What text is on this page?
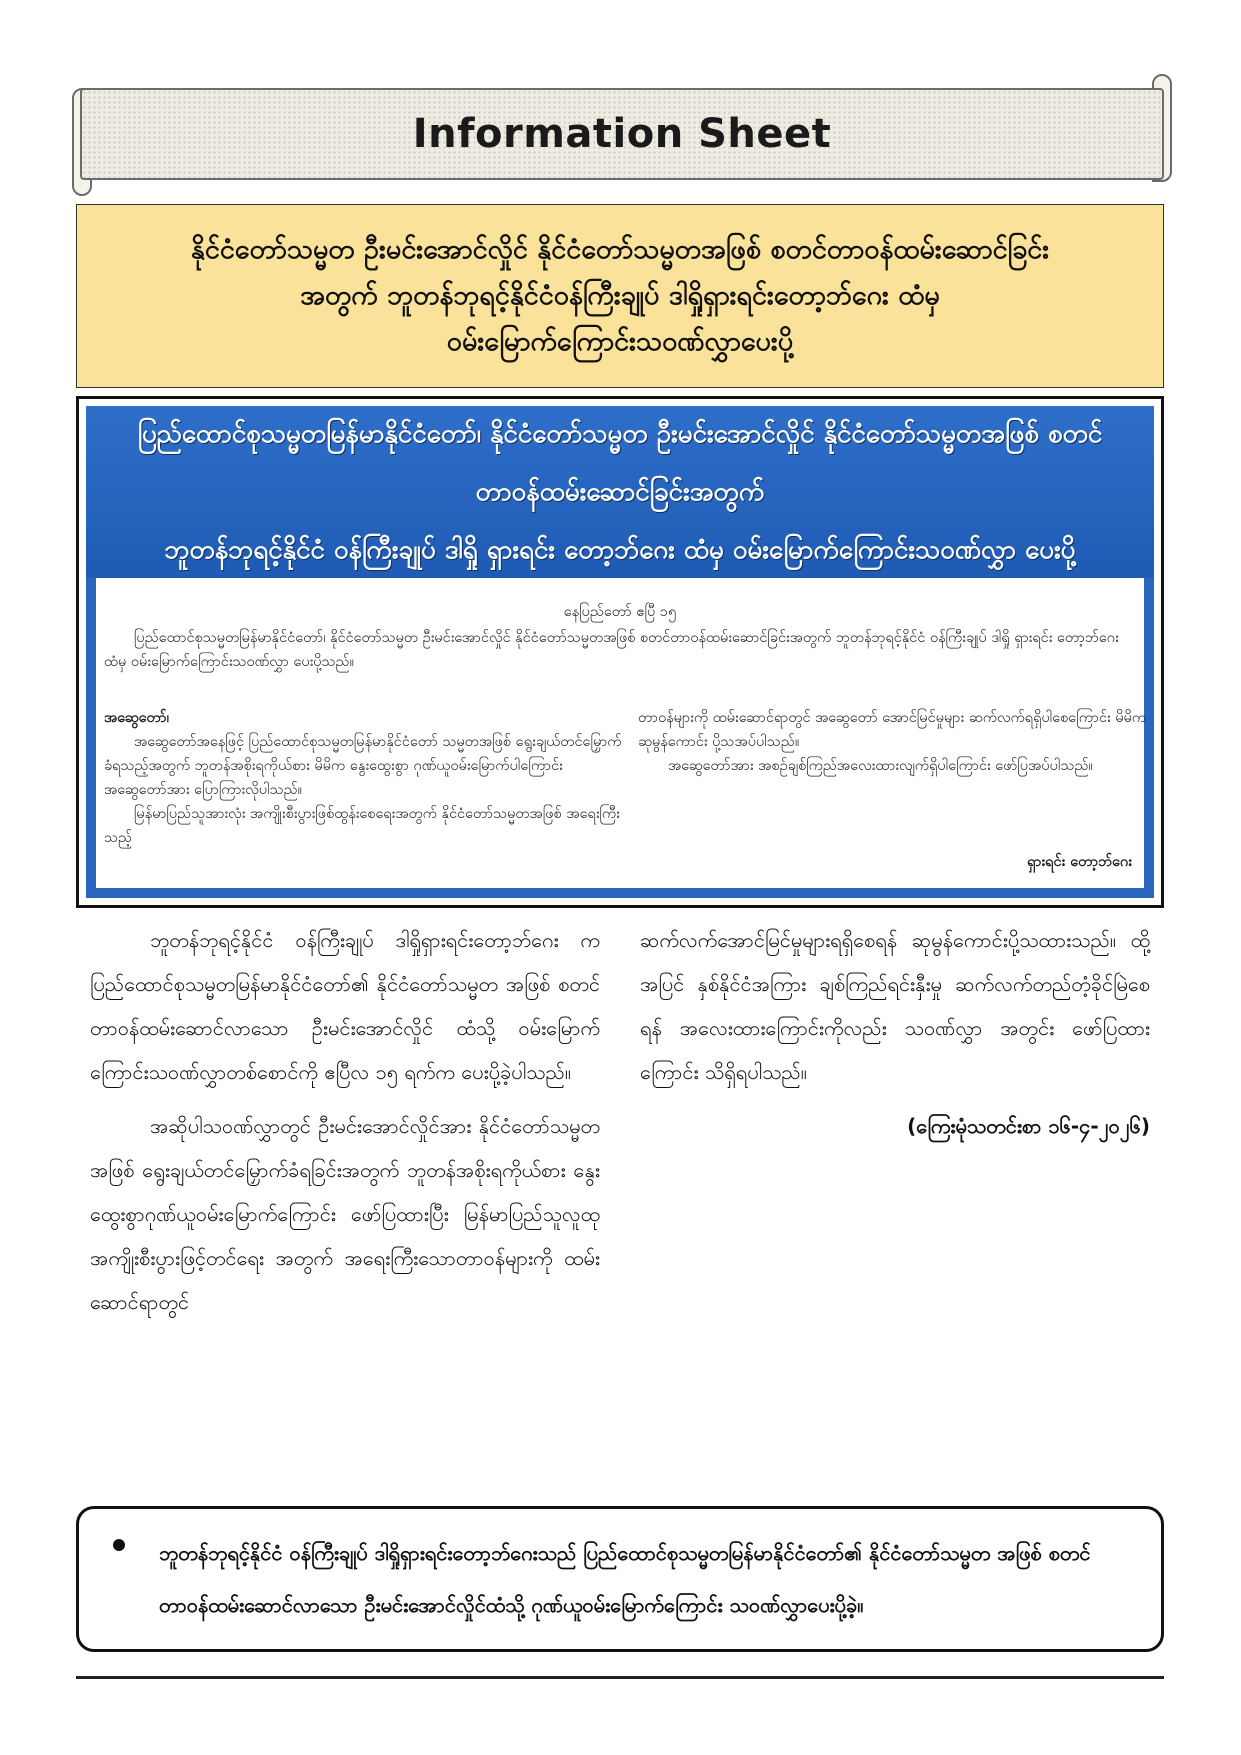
Information Sheet
နိုင်ငံတော်သမ္မတ ဦးမင်းအောင်လှိုင် နိုင်ငံတော်သမ္မတအဖြစ် စတင်တာဝန်ထမ်းဆောင်ခြင်း
အတွက် ဘူတန်ဘုရင့်နိုင်ငံဝန်ကြီးချုပ် ဒါရှိုရှားရင်းတော့ဘ်ဂေး ထံမှ
ဝမ်းမြောက်ကြောင်းသဝဏ်လွှာပေးပို့
ပြည်ထောင်စုသမ္မတမြန်မာနိုင်ငံတော်၊ နိုင်ငံတော်သမ္မတ ဦးမင်းအောင်လှိုင် နိုင်ငံတော်သမ္မတအဖြစ် စတင်တာဝန်ထမ်းဆောင်ခြင်းအတွက်
ဘူတန်ဘုရင့်နိုင်ငံ ဝန်ကြီးချုပ် ဒါရှို ရှားရင်း တော့ဘ်ဂေး ထံမှ ဝမ်းမြောက်ကြောင်းသဝဏ်လွှာ ပေးပို့
နေပြည်တော် ဧပြီ ၁၅
ပြည်ထောင်စုသမ္မတမြန်မာနိုင်ငံတော်၊ နိုင်ငံတော်သမ္မတ ဦးမင်းအောင်လှိုင် နိုင်ငံတော်သမ္မတအဖြစ် စတင်တာဝန်ထမ်းဆောင်ခြင်းအတွက် ဘူတန်ဘုရင့်နိုင်ငံ ဝန်ကြီးချုပ် ဒါရှို ရှားရင်း တော့ဘ်ဂေး ထံမှ ဝမ်းမြောက်ကြောင်းသဝဏ်လွှာ ပေးပို့သည်။

အဆွေတော်၊

အဆွေတော်အနေဖြင့် ပြည်ထောင်စုသမ္မတမြန်မာနိုင်ငံတော် သမ္မတအဖြစ် ရွေးချယ်တင်မြှောက်ခံရသည့်အတွက် ဘူတန်အစိုးရကိုယ်စား မိမိက နွေးထွေးစွာ ဂုဏ်ယူဝမ်းမြောက်ပါကြောင်း အဆွေတော်အား ပြောကြားလိုပါသည်။

မြန်မာပြည်သူအားလုံး အကျိုးစီးပွားဖြစ်ထွန်းစေရေးအတွက် နိုင်ငံတော်သမ္မတအဖြစ် အရေးကြီးသည့်

တာဝန်များကို ထမ်းဆောင်ရာတွင် အဆွေတော် အောင်မြင်မှုများ ဆက်လက်ရရှိပါစေကြောင်း မိမိက ဆုမွန်ကောင်း ပို့သအပ်ပါသည်။

အဆွေတော်အား အစဉ်ချစ်ကြည်အလေးထားလျက်ရှိပါကြောင်း ဖော်ပြအပ်ပါသည်။

ရှားရင်း တော့ဘ်ဂေး

ဘူတန်ဘုရင့်နိုင်ငံ ဝန်ကြီးချုပ် ဒါရှိုရှားရင်းတော့ဘ်ဂေး က ပြည်ထောင်စုသမ္မတမြန်မာနိုင်ငံတော်၏ နိုင်ငံတော်သမ္မတ အဖြစ် စတင်တာဝန်ထမ်းဆောင်လာသော ဦးမင်းအောင်လှိုင် ထံသို့ ဝမ်းမြောက်ကြောင်းသဝဏ်လွှာတစ်စောင်ကို ဧပြီလ ၁၅ ရက်က ပေးပို့ခဲ့ပါသည်။

အဆိုပါသဝဏ်လွှာတွင် ဦးမင်းအောင်လှိုင်အား နိုင်ငံတော်သမ္မတအဖြစ် ရွေးချယ်တင်မြှောက်ခံရခြင်းအတွက် ဘူတန်အစိုးရကိုယ်စား နွေးထွေးစွာဂုဏ်ယူဝမ်းမြောက်ကြောင်း ဖော်ပြထားပြီး မြန်မာပြည်သူလူထုအကျိုးစီးပွားဖြင့်တင်ရေး အတွက် အရေးကြီးသောတာဝန်များကို ထမ်းဆောင်ရာတွင်

ဆက်လက်အောင်မြင်မှုများရရှိစေရန် ဆုမွန်ကောင်းပို့သထားသည်။ ထို့အပြင် နှစ်နိုင်ငံအကြား ချစ်ကြည်ရင်းနှီးမှု ဆက်လက်တည်တံ့ခိုင်မြဲစေရန် အလေးထားကြောင်းကိုလည်း သဝဏ်လွှာ အတွင်း ဖော်ပြထားကြောင်း သိရှိရပါသည်။

(ကြေးမုံသတင်းစာ ၁၆-၄-၂၀၂၆)

ဘူတန်ဘုရင့်နိုင်ငံ ဝန်ကြီးချုပ် ဒါရှိုရှားရင်းတော့ဘ်ဂေးသည် ပြည်ထောင်စုသမ္မတမြန်မာနိုင်ငံတော်၏ နိုင်ငံတော်သမ္မတ အဖြစ် စတင်တာဝန်ထမ်းဆောင်လာသော ဦးမင်းအောင်လှိုင်ထံသို့ ဂုဏ်ယူဝမ်းမြောက်ကြောင်း သဝဏ်လွှာပေးပို့ခဲ့။
